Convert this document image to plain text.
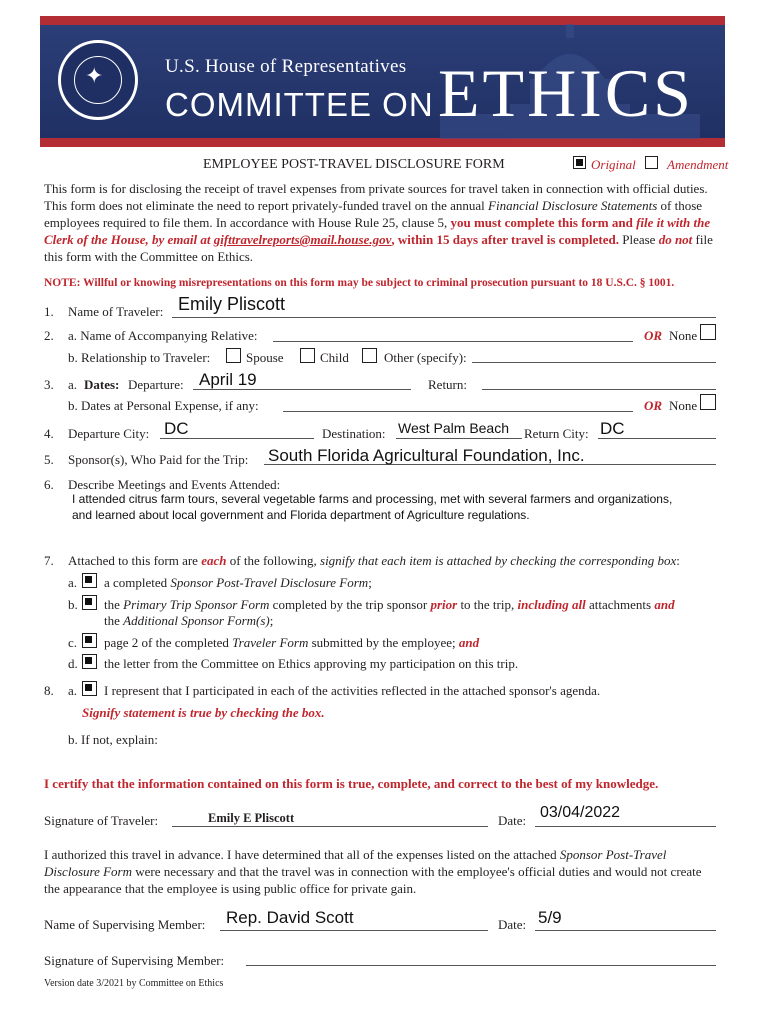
✦	U.S. House of Representatives
COMMITTEE ON ETHICS
EMPLOYEE POST-TRAVEL DISCLOSURE FORM	Original Amendment
This form is for disclosing the receipt of travel expenses from private sources for travel taken in connection with official duties. This form does not eliminate the need to report privately-funded travel on the annual Financial Disclosure Statements of those employees required to file them. In accordance with House Rule 25, clause 5, you must complete this form and file it with the Clerk of the House, by email at gifttravelreports@mail.house.gov, within 15 days after travel is completed. Please do not file this form with the Committee on Ethics.
NOTE: Willful or knowing misrepresentations on this form may be subject to criminal prosecution pursuant to 18 U.S.C. § 1001.
1. Name of Traveler: Emily Pliscott
2. a. Name of Accompanying Relative:	OR None
b. Relationship to Traveler:	Spouse	Child	Other (specify):
3. a. Dates: Departure: April 19	Return:
b. Dates at Personal Expense, if any:	OR None
4. Departure City: DC	Destination: West Palm Beach Return City: DC
5. Sponsor(s), Who Paid for the Trip: South Florida Agricultural Foundation, Inc.
6. Describe Meetings and Events Attended:
I attended citrus farm tours, several vegetable farms and processing, met with several farmers and organizations,
and learned about local government and Florida department of Agriculture regulations.
7. Attached to this form are each of the following, signify that each item is attached by checking the corresponding box:
a. a completed Sponsor Post-Travel Disclosure Form;
b. the Primary Trip Sponsor Form completed by the trip sponsor prior to the trip, including all attachments and
the Additional Sponsor Form(s);
c. page 2 of the completed Traveler Form submitted by the employee; and
d. the letter from the Committee on Ethics approving my participation on this trip.
8. a. I represent that I participated in each of the activities reflected in the attached sponsor's agenda.
Signify statement is true by checking the box.
b. If not, explain:
I certify that the information contained on this form is true, complete, and correct to the best of my knowledge.
Signature of Traveler:	Emily E Pliscott	Date: 03/04/2022
I authorized this travel in advance. I have determined that all of the expenses listed on the attached Sponsor Post-Travel Disclosure Form were necessary and that the travel was in connection with the employee's official duties and would not create the appearance that the employee is using public office for private gain.
Name of Supervising Member: Rep. David Scott	Date: 5/9
Signature of Supervising Member:
Version date 3/2021 by Committee on Ethics
